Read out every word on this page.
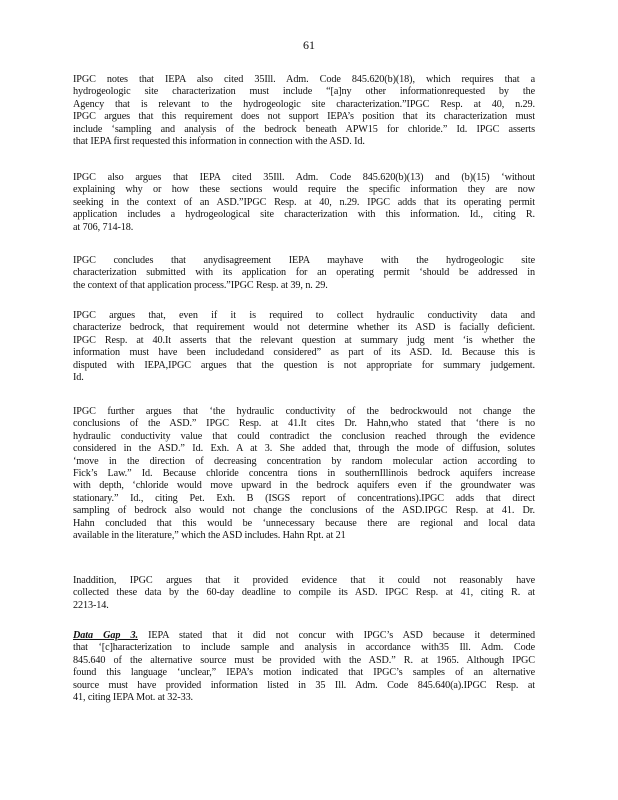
61
IPGC notes that IEPA also cited 35Ill. Adm. Code 845.620(b)(18), which requires that a
hydrogeologic site characterization must include “[a]ny other informationrequested by the
Agency that is relevant to the hydrogeologic site characterization.”IPGC Resp. at 40, n.29.
IPGC argues that this requirement does not support IEPA’s position that its characterization must
include ‘sampling and analysis of the bedrock beneath APW15 for chloride.” Id. IPGC asserts
that IEPA first requested this information in connection with the ASD. Id.
IPGC also argues that IEPA cited 35Ill. Adm. Code 845.620(b)(13) and (b)(15) ‘without
explaining why or how these sections would require the specific information they are now
seeking in the context of an ASD.”IPGC Resp. at 40, n.29. IPGC adds that its operating permit
application includes a hydrogeological site characterization with this information. Id., citing R.
at 706, 714-18.
IPGC concludes that anydisagreement IEPA mayhave with the hydrogeologic site
characterization submitted with its application for an operating permit ‘should be addressed in
the context of that application process.”IPGC Resp. at 39, n. 29.
IPGC argues that, even if it is required to collect hydraulic conductivity data and
characterize bedrock, that requirement would not determine whether its ASD is facially deficient.
IPGC Resp. at 40.It asserts that the relevant question at summary judg ment ‘is whether the
information must have been includedand considered” as part of its ASD. Id. Because this is
disputed with IEPA,IPGC argues that the question is not appropriate for summary judgement.
Id.
IPGC further argues that ‘the hydraulic conductivity of the bedrockwould not change the
conclusions of the ASD.” IPGC Resp. at 41.It cites Dr. Hahn,who stated that ‘there is no
hydraulic conductivity value that could contradict the conclusion reached through the evidence
considered in the ASD.” Id. Exh. A at 3. She added that, through the mode of diffusion, solutes
‘move in the direction of decreasing concentration by random molecular action according to
Fick’s Law.” Id. Because chloride concentra tions in southernIllinois bedrock aquifers increase
with depth, ‘chloride would move upward in the bedrock aquifers even if the groundwater was
stationary.” Id., citing Pet. Exh. B (ISGS report of concentrations).IPGC adds that direct
sampling of bedrock also would not change the conclusions of the ASD.IPGC Resp. at 41. Dr.
Hahn concluded that this would be ‘unnecessary because there are regional and local data
available in the literature,” which the ASD includes. Hahn Rpt. at 21
Inaddition, IPGC argues that it provided evidence that it could not reasonably have
collected these data by the 60-day deadline to compile its ASD. IPGC Resp. at 41, citing R. at
2213-14.
Data Gap 3. IEPA stated that it did not concur with IPGC’s ASD because it determined
that ‘[c]haracterization to include sample and analysis in accordance with35 Ill. Adm. Code
845.640 of the alternative source must be provided with the ASD.” R. at 1965. Although IPGC
found this language ‘unclear,” IEPA’s motion indicated that IPGC’s samples of an alternative
source must have provided information listed in 35 Ill. Adm. Code 845.640(a).IPGC Resp. at
41, citing IEPA Mot. at 32-33.
